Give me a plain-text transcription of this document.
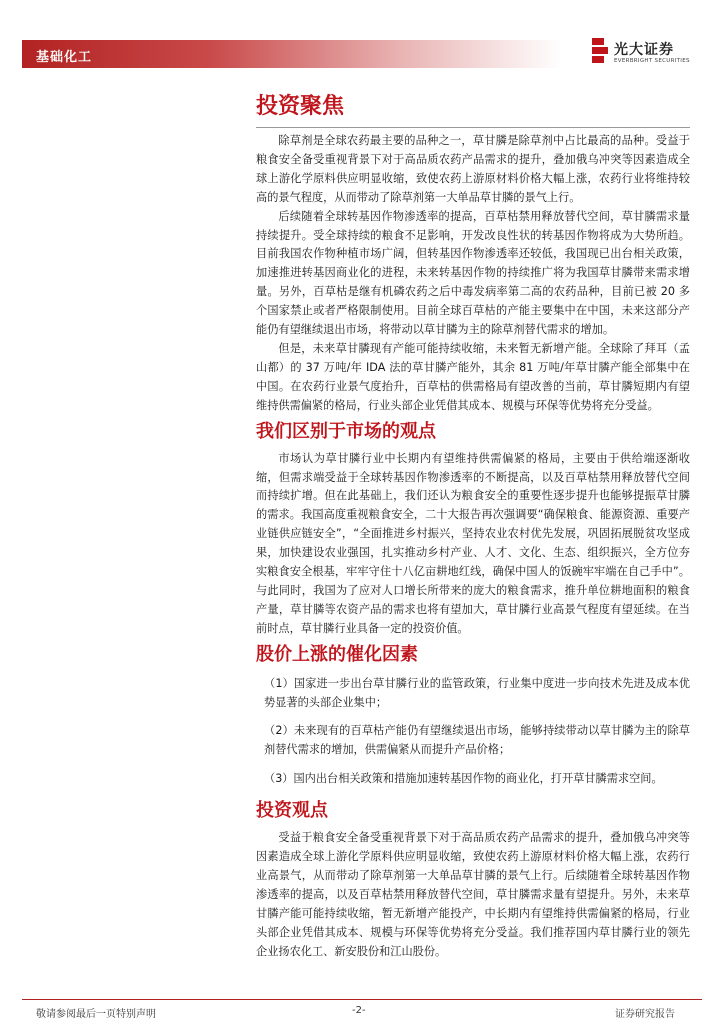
基础化工	光大证券
EVERBRIGHT SECURITIES
投资聚焦

除草剂是全球农药最主要的品种之一，草甘膦是除草剂中占比最高的品种。受益于粮食安全备受重视背景下对于高品质农药产品需求的提升，叠加俄乌冲突等因素造成全球上游化学原料供应明显收缩，致使农药上游原材料价格大幅上涨，农药行业将维持较高的景气程度，从而带动了除草剂第一大单品草甘膦的景气上行。

后续随着全球转基因作物渗透率的提高，百草枯禁用释放替代空间，草甘膦需求量持续提升。受全球持续的粮食不足影响，开发改良性状的转基因作物将成为大势所趋。目前我国农作物种植市场广阔，但转基因作物渗透率还较低，我国现已出台相关政策，加速推进转基因商业化的进程，未来转基因作物的持续推广将为我国草甘膦带来需求增量。另外，百草枯是继有机磷农药之后中毒发病率第二高的农药品种，目前已被 20 多个国家禁止或者严格限制使用。目前全球百草枯的产能主要集中在中国，未来这部分产能仍有望继续退出市场，将带动以草甘膦为主的除草剂替代需求的增加。

但是，未来草甘膦现有产能可能持续收缩，未来暂无新增产能。全球除了拜耳（孟山都）的 37 万吨/年 IDA 法的草甘膦产能外，其余 81 万吨/年草甘膦产能全部集中在中国。在农药行业景气度抬升，百草枯的供需格局有望改善的当前，草甘膦短期内有望维持供需偏紧的格局，行业头部企业凭借其成本、规模与环保等优势将充分受益。

我们区别于市场的观点

市场认为草甘膦行业中长期内有望维持供需偏紧的格局，主要由于供给端逐渐收缩，但需求端受益于全球转基因作物渗透率的不断提高，以及百草枯禁用释放替代空间而持续扩增。但在此基础上，我们还认为粮食安全的重要性逐步提升也能够提振草甘膦的需求。我国高度重视粮食安全，二十大报告再次强调要“确保粮食、能源资源、重要产业链供应链安全”，“全面推进乡村振兴，坚持农业农村优先发展，巩固拓展脱贫攻坚成果，加快建设农业强国，扎实推动乡村产业、人才、文化、生态、组织振兴，全方位夯实粮食安全根基，牢牢守住十八亿亩耕地红线，确保中国人的饭碗牢牢端在自己手中”。与此同时，我国为了应对人口增长所带来的庞大的粮食需求，推升单位耕地面积的粮食产量，草甘膦等农资产品的需求也将有望加大，草甘膦行业高景气程度有望延续。在当前时点，草甘膦行业具备一定的投资价值。

股价上涨的催化因素

（1）国家进一步出台草甘膦行业的监管政策，行业集中度进一步向技术先进及成本优势显著的头部企业集中；

（2）未来现有的百草枯产能仍有望继续退出市场，能够持续带动以草甘膦为主的除草剂替代需求的增加，供需偏紧从而提升产品价格；

（3）国内出台相关政策和措施加速转基因作物的商业化，打开草甘膦需求空间。

投资观点

受益于粮食安全备受重视背景下对于高品质农药产品需求的提升，叠加俄乌冲突等因素造成全球上游化学原料供应明显收缩，致使农药上游原材料价格大幅上涨，农药行业高景气，从而带动了除草剂第一大单品草甘膦的景气上行。后续随着全球转基因作物渗透率的提高，以及百草枯禁用释放替代空间，草甘膦需求量有望提升。另外，未来草甘膦产能可能持续收缩，暂无新增产能投产，中长期内有望维持供需偏紧的格局，行业头部企业凭借其成本、规模与环保等优势将充分受益。我们推荐国内草甘膦行业的领先企业扬农化工、新安股份和江山股份。

敬请参阅最后一页特别声明	-2-	证券研究报告
